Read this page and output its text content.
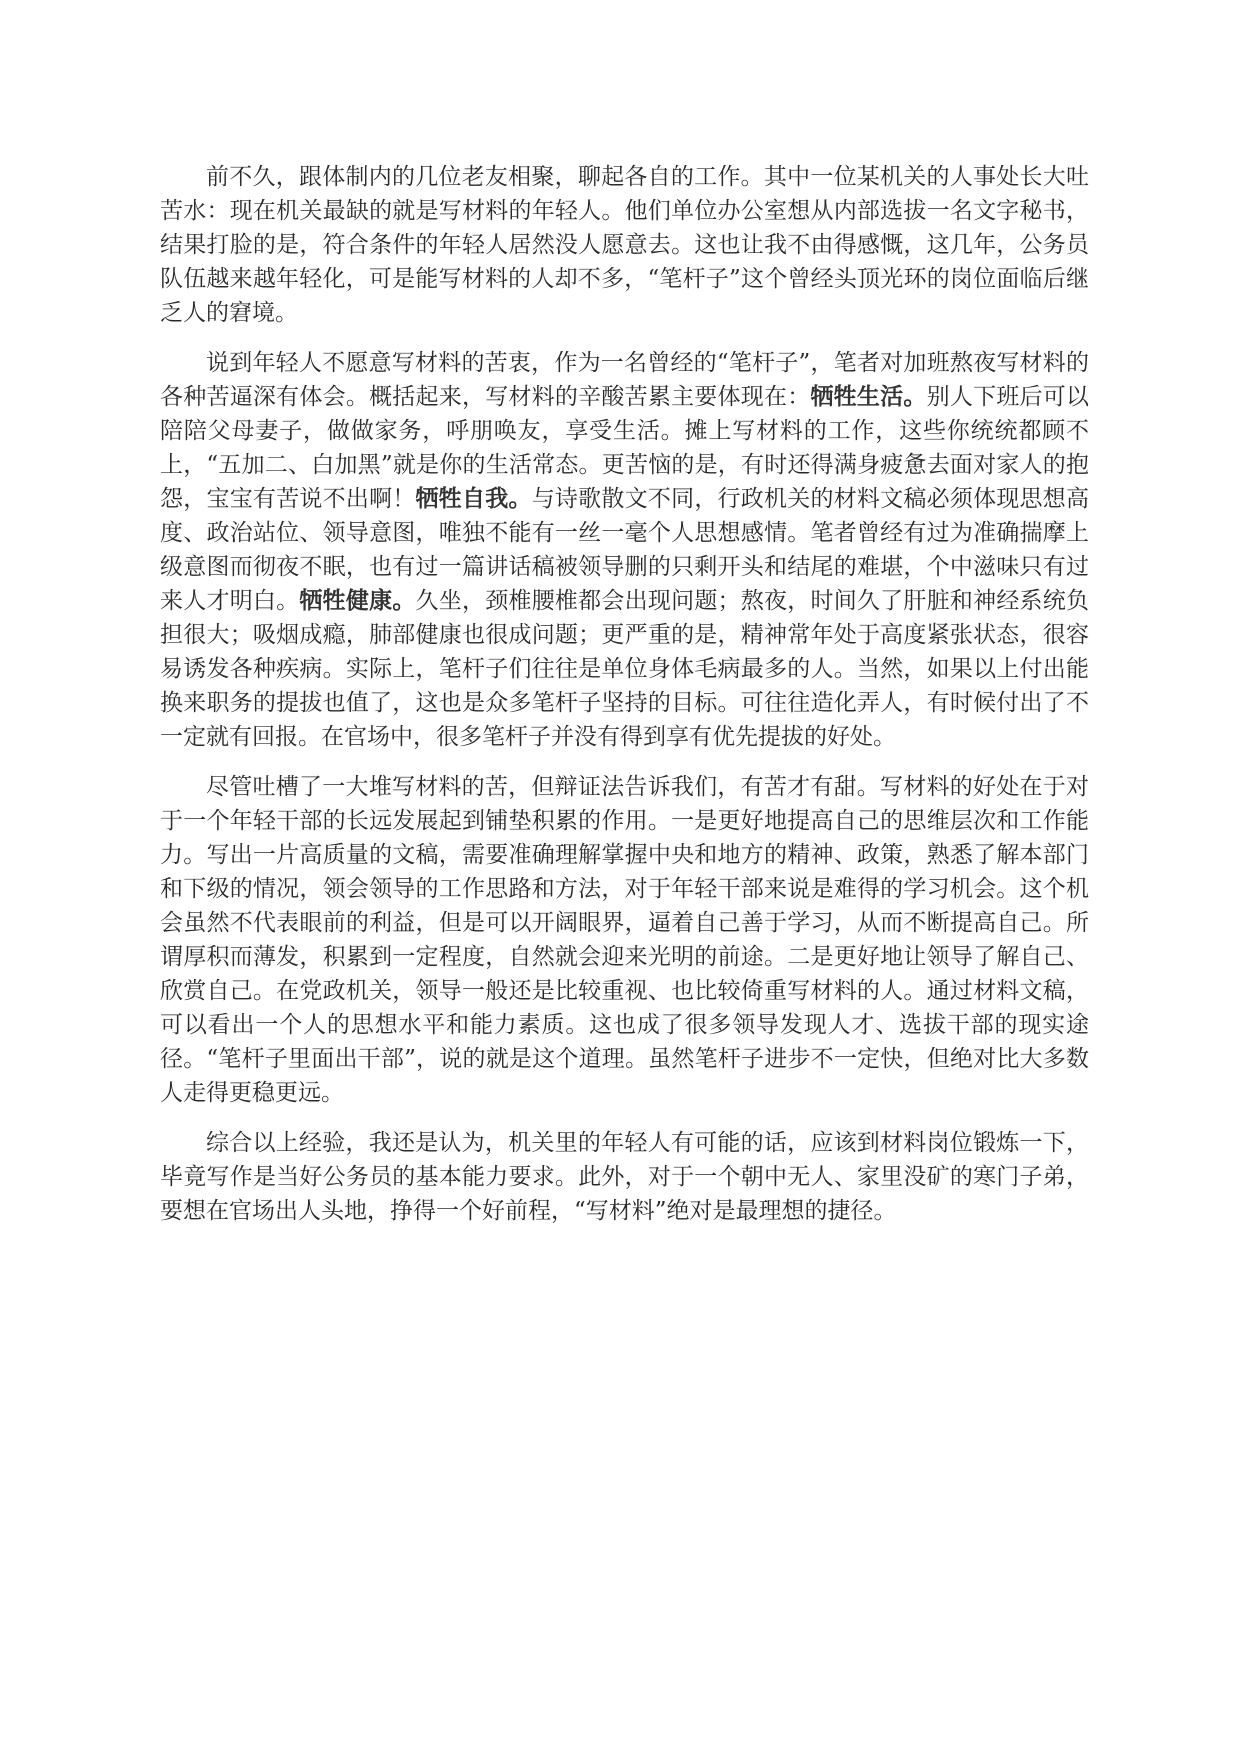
前不久，跟体制内的几位老友相聚，聊起各自的工作。其中一位某机关的人事处长大吐苦水：现在机关最缺的就是写材料的年轻人。他们单位办公室想从内部选拔一名文字秘书，结果打脸的是，符合条件的年轻人居然没人愿意去。这也让我不由得感慨，这几年，公务员队伍越来越年轻化，可是能写材料的人却不多，“笔杆子”这个曾经头顶光环的岗位面临后继乏人的窘境。

说到年轻人不愿意写材料的苦衷，作为一名曾经的“笔杆子”，笔者对加班熬夜写材料的各种苦逼深有体会。概括起来，写材料的辛酸苦累主要体现在：牺牲生活。别人下班后可以陪陪父母妻子，做做家务，呼朋唤友，享受生活。摊上写材料的工作，这些你统统都顾不上，“五加二、白加黑”就是你的生活常态。更苦恼的是，有时还得满身疲惫去面对家人的抱怨，宝宝有苦说不出啊！牺牲自我。与诗歌散文不同，行政机关的材料文稿必须体现思想高度、政治站位、领导意图，唯独不能有一丝一毫个人思想感情。笔者曾经有过为准确揣摩上级意图而彻夜不眠，也有过一篇讲话稿被领导删的只剩开头和结尾的难堪，个中滋味只有过来人才明白。牺牲健康。久坐，颈椎腰椎都会出现问题；熬夜，时间久了肝脏和神经系统负担很大；吸烟成瘾，肺部健康也很成问题；更严重的是，精神常年处于高度紧张状态，很容易诱发各种疾病。实际上，笔杆子们往往是单位身体毛病最多的人。当然，如果以上付出能换来职务的提拔也值了，这也是众多笔杆子坚持的目标。可往往造化弄人，有时候付出了不一定就有回报。在官场中，很多笔杆子并没有得到享有优先提拔的好处。

尽管吐槽了一大堆写材料的苦，但辩证法告诉我们，有苦才有甜。写材料的好处在于对于一个年轻干部的长远发展起到铺垫积累的作用。一是更好地提高自己的思维层次和工作能力。写出一片高质量的文稿，需要准确理解掌握中央和地方的精神、政策，熟悉了解本部门和下级的情况，领会领导的工作思路和方法，对于年轻干部来说是难得的学习机会。这个机会虽然不代表眼前的利益，但是可以开阔眼界，逼着自己善于学习，从而不断提高自己。所谓厚积而薄发，积累到一定程度，自然就会迎来光明的前途。二是更好地让领导了解自己、欣赏自己。在党政机关，领导一般还是比较重视、也比较倚重写材料的人。通过材料文稿，可以看出一个人的思想水平和能力素质。这也成了很多领导发现人才、选拔干部的现实途径。“笔杆子里面出干部”，说的就是这个道理。虽然笔杆子进步不一定快，但绝对比大多数人走得更稳更远。

综合以上经验，我还是认为，机关里的年轻人有可能的话，应该到材料岗位锻炼一下，毕竟写作是当好公务员的基本能力要求。此外，对于一个朝中无人、家里没矿的寒门子弟，要想在官场出人头地，挣得一个好前程，“写材料”绝对是最理想的捷径。
